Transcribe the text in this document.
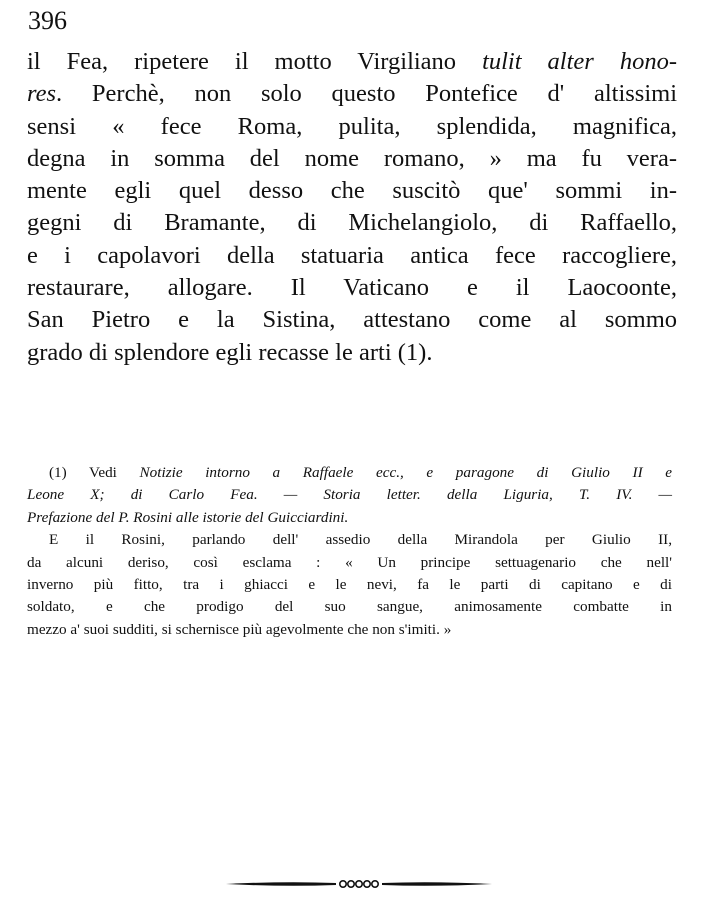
396
il Fea, ripetere il motto Virgiliano tulit alter hono-
res. Perchè, non solo questo Pontefice d' altissimi
sensi « fece Roma, pulita, splendida, magnifica,
degna in somma del nome romano, » ma fu vera-
mente egli quel desso che suscitò que' sommi in-
gegni di Bramante, di Michelangiolo, di Raffaello,
e i capolavori della statuaria antica fece raccogliere,
restaurare, allogare. Il Vaticano e il Laocoonte,
San Pietro e la Sistina, attestano come al sommo
grado di splendore egli recasse le arti (1).
(1) Vedi Notizie intorno a Raffaele ecc., e paragone di Giulio II e
Leone X; di Carlo Fea. — Storia letter. della Liguria, T. IV. —
Prefazione del P. Rosini alle istorie del Guicciardini.
E il Rosini, parlando dell' assedio della Mirandola per Giulio II,
da alcuni deriso, così esclama : « Un principe settuagenario che nell'
inverno più fitto, tra i ghiacci e le nevi, fa le parti di capitano e di
soldato, e che prodigo del suo sangue, animosamente combatte in
mezzo a' suoi sudditi, si schernisce più agevolmente che non s'imiti. »
